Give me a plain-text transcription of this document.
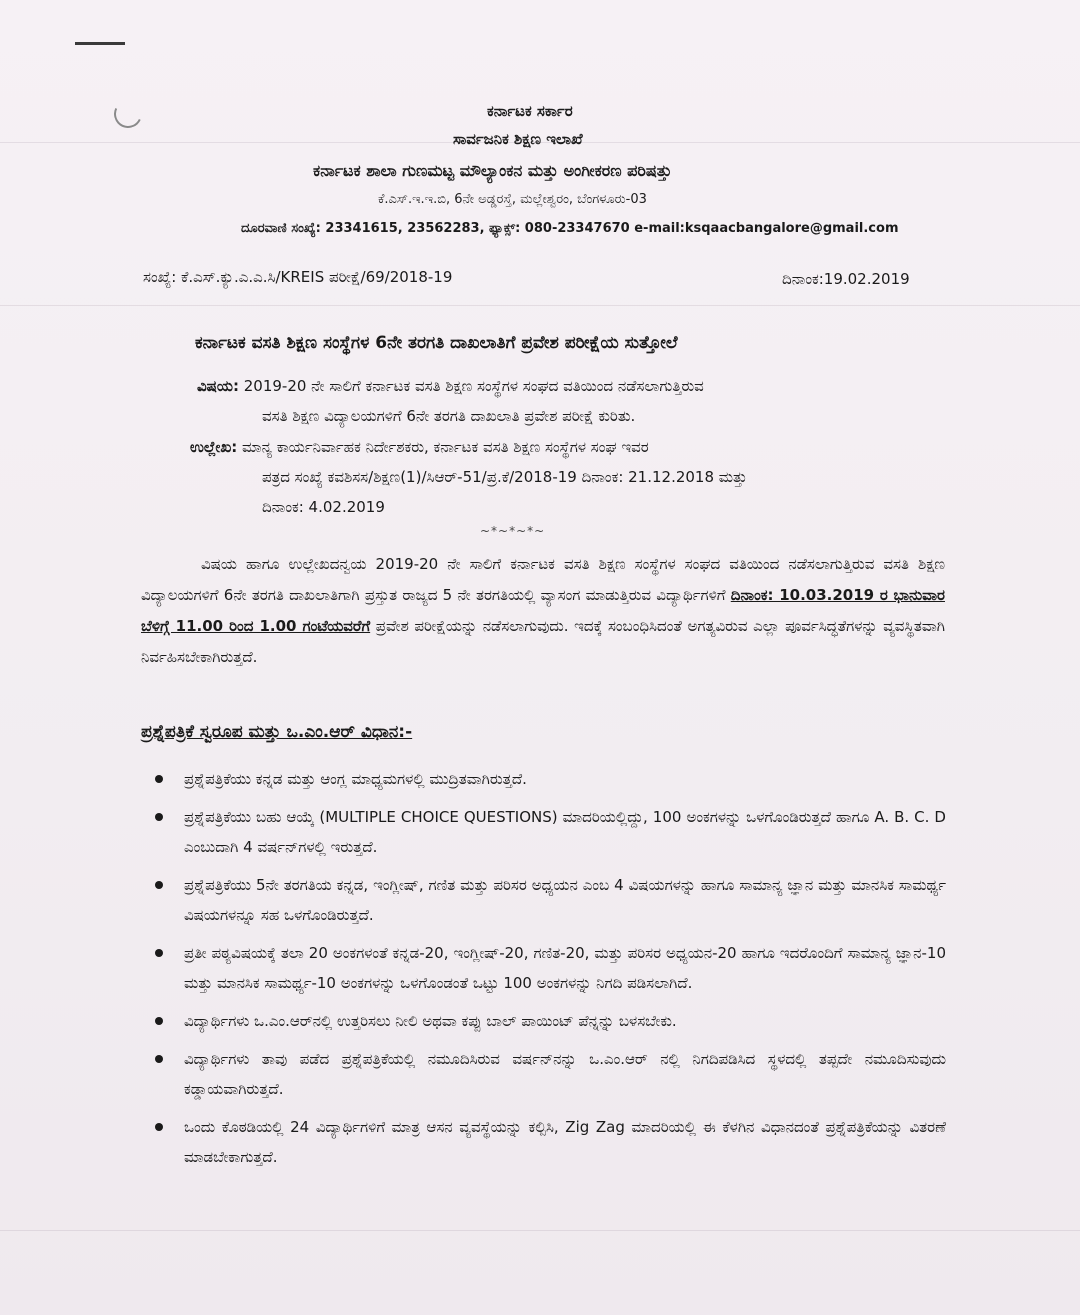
ಕರ್ನಾಟಕ ಸರ್ಕಾರ
ಸಾರ್ವಜನಿಕ ಶಿಕ್ಷಣ ಇಲಾಖೆ
ಕರ್ನಾಟಕ ಶಾಲಾ ಗುಣಮಟ್ಟ ಮೌಲ್ಯಾಂಕನ ಮತ್ತು ಅಂಗೀಕರಣ ಪರಿಷತ್ತು
ಕೆ.ಎಸ್.ಇ.ಇ.ಬಿ, 6ನೇ ಅಡ್ಡರಸ್ತೆ, ಮಲ್ಲೇಶ್ವರಂ, ಬೆಂಗಳೂರು-03
ದೂರವಾಣಿ ಸಂಖ್ಯೆ: 23341615, 23562283, ಫ್ಯಾಕ್ಸ್: 080-23347670 e-mail:ksqaacbangalore@gmail.com
ಸಂಖ್ಯೆ: ಕೆ.ಎಸ್.ಕ್ಯು.ಎ.ಎ.ಸಿ/KREIS ಪರೀಕ್ಷೆ/69/2018-19	ದಿನಾಂಕ:19.02.2019
ಕರ್ನಾಟಕ ವಸತಿ ಶಿಕ್ಷಣ ಸಂಸ್ಥೆಗಳ 6ನೇ ತರಗತಿ ದಾಖಲಾತಿಗೆ ಪ್ರವೇಶ ಪರೀಕ್ಷೆಯ ಸುತ್ತೋಲೆ
ವಿಷಯ: 2019-20 ನೇ ಸಾಲಿಗೆ ಕರ್ನಾಟಕ ವಸತಿ ಶಿಕ್ಷಣ ಸಂಸ್ಥೆಗಳ ಸಂಘದ ವತಿಯಿಂದ ನಡೆಸಲಾಗುತ್ತಿರುವ
ವಸತಿ ಶಿಕ್ಷಣ ವಿದ್ಯಾಲಯಗಳಿಗೆ 6ನೇ ತರಗತಿ ದಾಖಲಾತಿ ಪ್ರವೇಶ ಪರೀಕ್ಷೆ ಕುರಿತು.
ಉಲ್ಲೇಖ: ಮಾನ್ಯ ಕಾರ್ಯನಿರ್ವಾಹಕ ನಿರ್ದೇಶಕರು, ಕರ್ನಾಟಕ ವಸತಿ ಶಿಕ್ಷಣ ಸಂಸ್ಥೆಗಳ ಸಂಘ ಇವರ
ಪತ್ರದ ಸಂಖ್ಯೆ ಕವಶಿಸಸ/ಶಿಕ್ಷಣ(1)/ಸಿಆರ್-51/ಪ್ರ.ಕೆ/2018-19 ದಿನಾಂಕ: 21.12.2018 ಮತ್ತು
ದಿನಾಂಕ: 4.02.2019
~*~*~*~
ವಿಷಯ ಹಾಗೂ ಉಲ್ಲೇಖದನ್ವಯ 2019-20 ನೇ ಸಾಲಿಗೆ ಕರ್ನಾಟಕ ವಸತಿ ಶಿಕ್ಷಣ ಸಂಸ್ಥೆಗಳ ಸಂಘದ ವತಿಯಿಂದ ನಡೆಸಲಾಗುತ್ತಿರುವ ವಸತಿ ಶಿಕ್ಷಣ ವಿದ್ಯಾಲಯಗಳಿಗೆ 6ನೇ ತರಗತಿ ದಾಖಲಾತಿಗಾಗಿ ಪ್ರಸ್ತುತ ರಾಜ್ಯದ 5 ನೇ ತರಗತಿಯಲ್ಲಿ ವ್ಯಾಸಂಗ ಮಾಡುತ್ತಿರುವ ವಿದ್ಯಾರ್ಥಿಗಳಿಗೆ ದಿನಾಂಕ: 10.03.2019 ರ ಭಾನುವಾರ ಬೆಳಿಗ್ಗೆ 11.00 ರಿಂದ 1.00 ಗಂಟೆಯವರೆಗೆ ಪ್ರವೇಶ ಪರೀಕ್ಷೆಯನ್ನು ನಡೆಸಲಾಗುವುದು. ಇದಕ್ಕೆ ಸಂಬಂಧಿಸಿದಂತೆ ಅಗತ್ಯವಿರುವ ಎಲ್ಲಾ ಪೂರ್ವಸಿದ್ಧತೆಗಳನ್ನು ವ್ಯವಸ್ಥಿತವಾಗಿ ನಿರ್ವಹಿಸಬೇಕಾಗಿರುತ್ತದೆ.
ಪ್ರಶ್ನೆಪತ್ರಿಕೆ ಸ್ವರೂಪ ಮತ್ತು ಒ.ಎಂ.ಆರ್ ವಿಧಾನ:-
ಪ್ರಶ್ನೆಪತ್ರಿಕೆಯು ಕನ್ನಡ ಮತ್ತು ಆಂಗ್ಲ ಮಾಧ್ಯಮಗಳಲ್ಲಿ ಮುದ್ರಿತವಾಗಿರುತ್ತದೆ.
ಪ್ರಶ್ನೆಪತ್ರಿಕೆಯು ಬಹು ಆಯ್ಕೆ (MULTIPLE CHOICE QUESTIONS) ಮಾದರಿಯಲ್ಲಿದ್ದು, 100 ಅಂಕಗಳನ್ನು ಒಳಗೊಂಡಿರುತ್ತದೆ ಹಾಗೂ A. B. C. D ಎಂಬುದಾಗಿ 4 ವರ್ಷನ್‌ಗಳಲ್ಲಿ ಇರುತ್ತದೆ.
ಪ್ರಶ್ನೆಪತ್ರಿಕೆಯು 5ನೇ ತರಗತಿಯ ಕನ್ನಡ, ಇಂಗ್ಲೀಷ್, ಗಣಿತ ಮತ್ತು ಪರಿಸರ ಅಧ್ಯಯನ ಎಂಬ 4 ವಿಷಯಗಳನ್ನು ಹಾಗೂ ಸಾಮಾನ್ಯ ಜ್ಞಾನ ಮತ್ತು ಮಾನಸಿಕ ಸಾಮರ್ಥ್ಯ ವಿಷಯಗಳನ್ನೂ ಸಹ ಒಳಗೊಂಡಿರುತ್ತದೆ.
ಪ್ರತೀ ಪಠ್ಯವಿಷಯಕ್ಕೆ ತಲಾ 20 ಅಂಕಗಳಂತೆ ಕನ್ನಡ-20, ಇಂಗ್ಲೀಷ್-20, ಗಣಿತ-20, ಮತ್ತು ಪರಿಸರ ಅಧ್ಯಯನ-20 ಹಾಗೂ ಇದರೊಂದಿಗೆ ಸಾಮಾನ್ಯ ಜ್ಞಾನ-10 ಮತ್ತು ಮಾನಸಿಕ ಸಾಮರ್ಥ್ಯ-10 ಅಂಕಗಳನ್ನು ಒಳಗೊಂಡಂತೆ ಒಟ್ಟು 100 ಅಂಕಗಳನ್ನು ನಿಗದಿ ಪಡಿಸಲಾಗಿದೆ.
ವಿದ್ಯಾರ್ಥಿಗಳು ಒ.ಎಂ.ಆರ್‌ನಲ್ಲಿ ಉತ್ತರಿಸಲು ನೀಲಿ ಅಥವಾ ಕಪ್ಪು ಬಾಲ್ ಪಾಯಿಂಟ್ ಪೆನ್ನನ್ನು ಬಳಸಬೇಕು.
ವಿದ್ಯಾರ್ಥಿಗಳು ತಾವು ಪಡೆದ ಪ್ರಶ್ನೆಪತ್ರಿಕೆಯಲ್ಲಿ ನಮೂದಿಸಿರುವ ವರ್ಷನ್‌ನನ್ನು ಒ.ಎಂ.ಆರ್ ನಲ್ಲಿ ನಿಗದಿಪಡಿಸಿದ ಸ್ಥಳದಲ್ಲಿ ತಪ್ಪದೇ ನಮೂದಿಸುವುದು ಕಡ್ಡಾಯವಾಗಿರುತ್ತದೆ.
ಒಂದು ಕೊಠಡಿಯಲ್ಲಿ 24 ವಿದ್ಯಾರ್ಥಿಗಳಿಗೆ ಮಾತ್ರ ಆಸನ ವ್ಯವಸ್ಥೆಯನ್ನು ಕಲ್ಪಿಸಿ, Zig Zag ಮಾದರಿಯಲ್ಲಿ ಈ ಕೆಳಗಿನ ವಿಧಾನದಂತೆ ಪ್ರಶ್ನೆಪತ್ರಿಕೆಯನ್ನು ವಿತರಣೆ ಮಾಡಬೇಕಾಗುತ್ತದೆ.
